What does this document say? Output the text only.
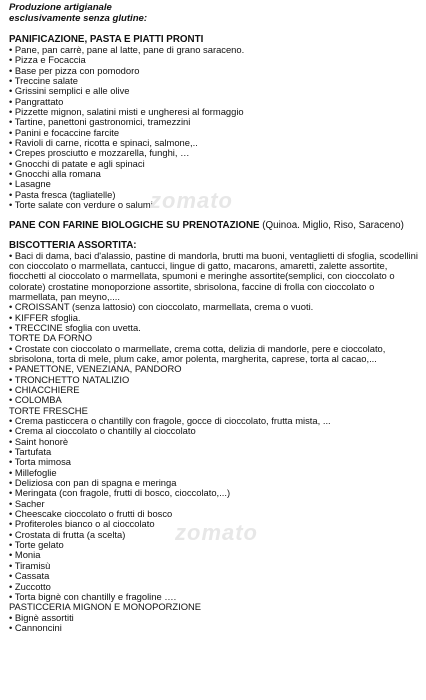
Produzione artigianale
esclusivamente senza glutine:
PANIFICAZIONE, PASTA E PIATTI PRONTI
• Pane, pan carrè, pane al latte, pane di grano saraceno.
• Pizza e Focaccia
• Base per pizza con pomodoro
• Treccine salate
• Grissini semplici e alle olive
• Pangrattato
• Pizzette mignon, salatini misti e ungheresi al formaggio
• Tartine, panettoni gastronomici, tramezzini
• Panini e focaccine farcite
• Ravioli di carne, ricotta e spinaci, salmone,..
• Crepes prosciutto e mozzarella, funghi, …
• Gnocchi di patate e agli spinaci
• Gnocchi alla romana
• Lasagne
• Pasta fresca (tagliatelle)
• Torte salate con verdure o salumi
PANE CON FARINE BIOLOGICHE SU PRENOTAZIONE (Quinoa. Miglio, Riso, Saraceno)
BISCOTTERIA ASSORTITA:
• Baci di dama, baci d'alassio, pastine di mandorla, brutti ma buoni, ventaglietti di sfoglia, scodellini con cioccolato o marmellata, cantucci, lingue di gatto, macarons, amaretti, zalette assortite, fiocchetti al cioccolato o marmellata, spumoni e meringhe assortite(semplici, con cioccolato o colorate) crostatine monoporzione assortite, sbrisolona, faccine di frolla con cioccolato o marmellata, pan meyno,....
• CROISSANT (senza lattosio) con cioccolato, marmellata, crema o vuoti.
• KIFFER sfoglia.
• TRECCINE sfoglia con uvetta.
TORTE DA FORNO
• Crostate con cioccolato o marmellate, crema cotta, delizia di mandorle, pere e cioccolato, sbrisolona, torta di mele, plum cake, amor polenta, margherita, caprese, torta al cacao,...
• PANETTONE, VENEZIANA, PANDORO
• TRONCHETTO NATALIZIO
• CHIACCHIERE
• COLOMBA
TORTE FRESCHE
• Crema pasticcera o chantilly con fragole, gocce di cioccolato, frutta mista, ...
• Crema al cioccolato o chantilly al cioccolato
• Saint honorè
• Tartufata
• Torta mimosa
• Millefoglie
• Deliziosa con pan di spagna e meringa
• Meringata (con fragole, frutti di bosco, cioccolato,...)
• Sacher
• Cheescake cioccolato o frutti di bosco
• Profiteroles bianco o al cioccolato
• Crostata di frutta (a scelta)
• Torte gelato
• Monia
• Tiramisù
• Cassata
• Zuccotto
• Torta bignè con chantilly e fragoline ….
PASTICCERIA MIGNON E MONOPORZIONE
• Bignè assortiti
• Cannoncini
zomato
zomato
